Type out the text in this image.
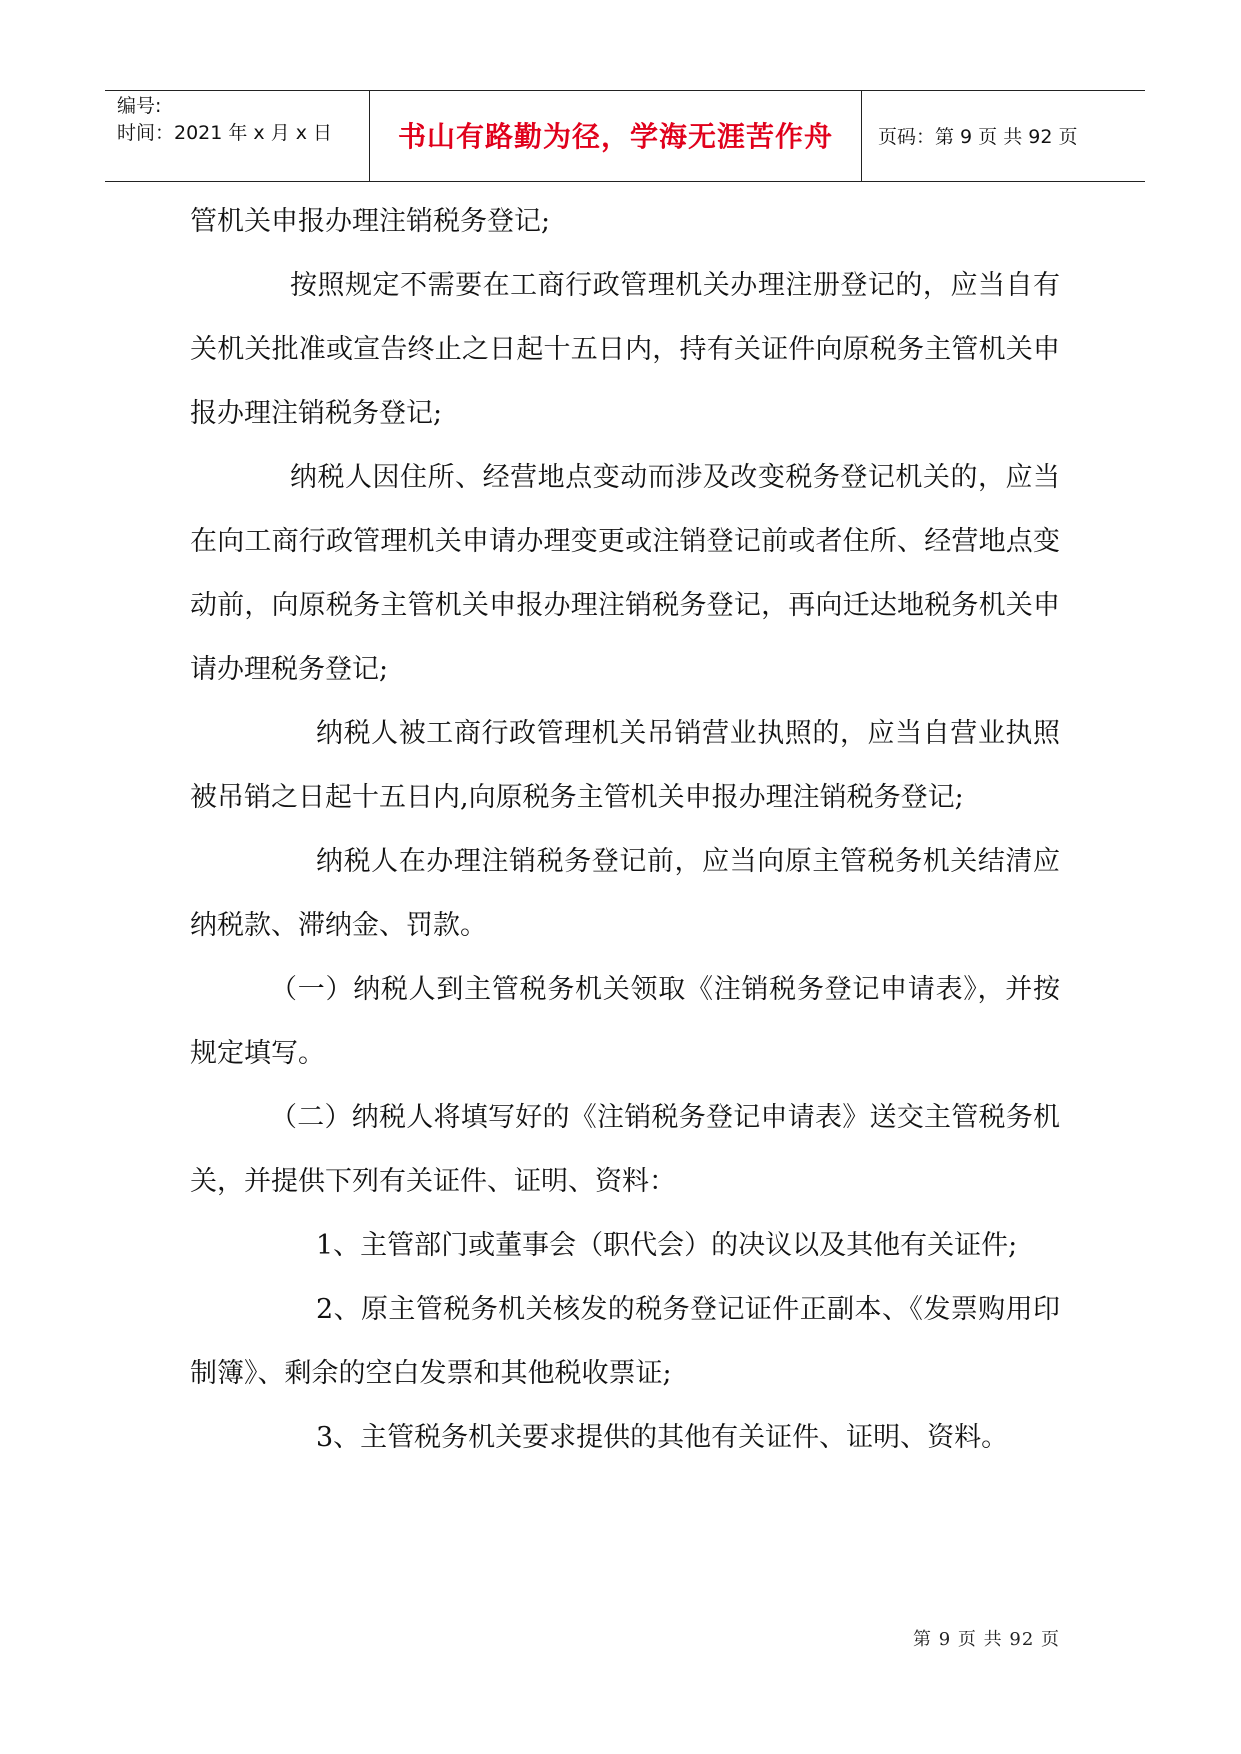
编号:
时间：2021 年 x 月 x 日	书山有路勤为径，学海无涯苦作舟	页码：第 9 页 共 92 页

管机关申报办理注销税务登记;

按照规定不需要在工商行政管理机关办理注册登记的，应当自有关机关批准或宣告终止之日起十五日内，持有关证件向原税务主管机关申报办理注销税务登记;

纳税人因住所、经营地点变动而涉及改变税务登记机关的，应当在向工商行政管理机关申请办理变更或注销登记前或者住所、经营地点变动前，向原税务主管机关申报办理注销税务登记，再向迁达地税务机关申请办理税务登记;

纳税人被工商行政管理机关吊销营业执照的，应当自营业执照被吊销之日起十五日内,向原税务主管机关申报办理注销税务登记;

纳税人在办理注销税务登记前，应当向原主管税务机关结清应纳税款、滞纳金、罚款。

（一）纳税人到主管税务机关领取《注销税务登记申请表》，并按规定填写。

（二）纳税人将填写好的《注销税务登记申请表》送交主管税务机关，并提供下列有关证件、证明、资料：

1、主管部门或董事会（职代会）的决议以及其他有关证件;

2、原主管税务机关核发的税务登记证件正副本、《发票购用印制簿》、剩余的空白发票和其他税收票证;

3、主管税务机关要求提供的其他有关证件、证明、资料。

第 9 页 共 92 页
